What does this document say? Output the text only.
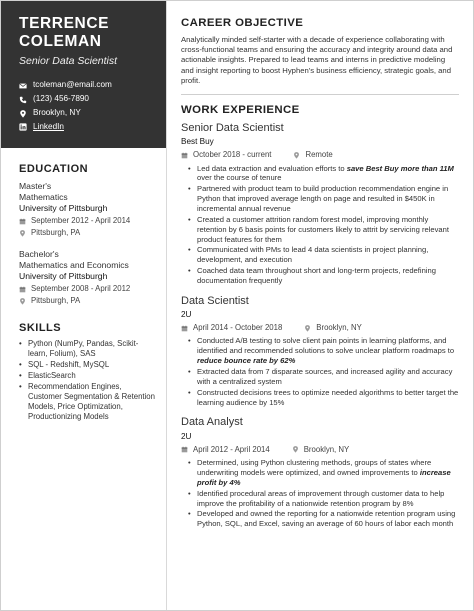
TERRENCE
COLEMAN
Senior Data Scientist
tcoleman@email.com
(123) 456-7890
Brooklyn, NY
LinkedIn
EDUCATION
Master's
Mathematics
University of Pittsburgh
September 2012 - April 2014
Pittsburgh, PA
Bachelor's
Mathematics and Economics
University of Pittsburgh
September 2008 - April 2012
Pittsburgh, PA
SKILLS
• Python (NumPy, Pandas, Scikit-learn, Folium), SAS
• SQL - Redshift, MySQL
• ElasticSearch
• Recommendation Engines, Customer Segmentation & Retention Models, Price Optimization, Productionizing Models
CAREER OBJECTIVE

Analytically minded self-starter with a decade of experience collaborating with cross-functional teams and ensuring the accuracy and integrity around data and actionable insights. Prepared to lead teams and interns in predictive modeling and insight reporting to boost Hyphen's business efficiency, strategic goals, and profit.

WORK EXPERIENCE
Senior Data Scientist
Best Buy
October 2018 - current	Remote
• Led data extraction and evaluation efforts to save Best Buy more than 11M over the course of tenure
• Partnered with product team to build production recommendation engine in Python that improved average length on page and resulted in $450K in incremental annual revenue
• Created a customer attrition random forest model, improving monthly retention by 6 basis points for customers likely to attrit by servicing relevant product features for them
• Communicated with PMs to lead 4 data scientists in project planning, development, and execution
• Coached data team throughout short and long-term projects, redefining documentation frequently
Data Scientist
2U
April 2014 - October 2018	Brooklyn, NY
• Conducted A/B testing to solve client pain points in learning platforms, and identified and recommended solutions to solve unclear platform roadmaps to reduce bounce rate by 62%
• Extracted data from 7 disparate sources, and increased agility and accuracy with a centralized system
• Constructed decisions trees to optimize needed algorithms to better target the learning audience by 15%
Data Analyst
2U
April 2012 - April 2014	Brooklyn, NY
• Determined, using Python clustering methods, groups of states where underwriting models were optimized, and owned improvements to increase profit by 4%
• Identified procedural areas of improvement through customer data to help improve the profitability of a nationwide retention program by 8%
• Developed and owned the reporting for a nationwide retention program using Python, SQL, and Excel, saving an average of 60 hours of labor each month
